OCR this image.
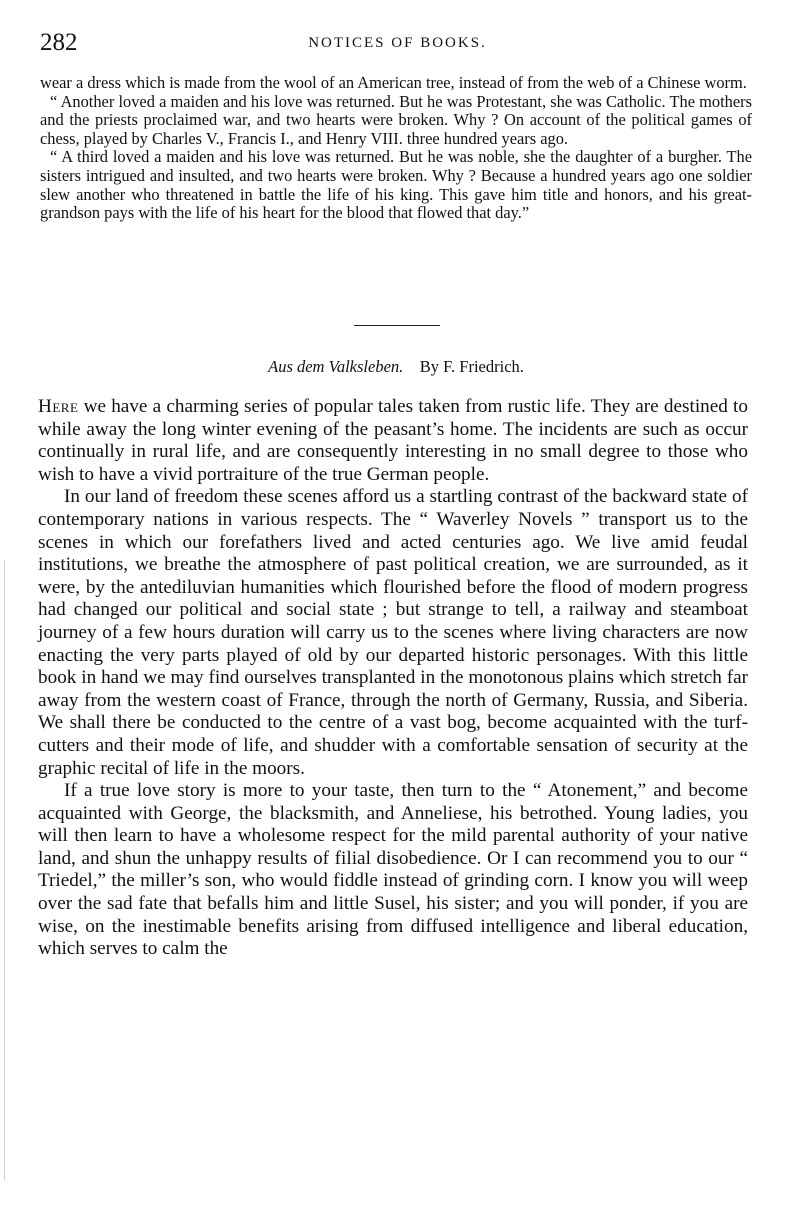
282	NOTICES OF BOOKS.

wear a dress which is made from the wool of an American tree, instead of from the web of a Chinese worm.

“ Another loved a maiden and his love was returned. But he was Protestant, she was Catholic. The mothers and the priests proclaimed war, and two hearts were broken. Why ? On account of the political games of chess, played by Charles V., Francis I., and Henry VIII. three hundred years ago.

“ A third loved a maiden and his love was returned. But he was noble, she the daughter of a burgher. The sisters intrigued and insulted, and two hearts were broken. Why ? Because a hundred years ago one soldier slew another who threatened in battle the life of his king. This gave him title and honors, and his great-grandson pays with the life of his heart for the blood that flowed that day.”

Aus dem Valksleben. By F. Friedrich.

Here we have a charming series of popular tales taken from rustic life. They are destined to while away the long winter evening of the peasant’s home. The incidents are such as occur continually in rural life, and are consequently interesting in no small degree to those who wish to have a vivid portraiture of the true German people.

In our land of freedom these scenes afford us a startling contrast of the backward state of contemporary nations in various respects. The “ Waverley Novels ” transport us to the scenes in which our forefathers lived and acted centuries ago. We live amid feudal institutions, we breathe the atmosphere of past political creation, we are surrounded, as it were, by the antediluvian humanities which flourished before the flood of modern progress had changed our political and social state ; but strange to tell, a railway and steamboat journey of a few hours duration will carry us to the scenes where living characters are now enacting the very parts played of old by our departed historic personages. With this little book in hand we may find ourselves transplanted in the monotonous plains which stretch far away from the western coast of France, through the north of Germany, Russia, and Siberia. We shall there be conducted to the centre of a vast bog, become acquainted with the turf-cutters and their mode of life, and shudder with a comfortable sensation of security at the graphic recital of life in the moors.

If a true love story is more to your taste, then turn to the “ Atonement,” and become acquainted with George, the blacksmith, and Anneliese, his betrothed. Young ladies, you will then learn to have a wholesome respect for the mild parental authority of your native land, and shun the unhappy results of filial disobedience. Or I can recommend you to our “ Triedel,” the miller’s son, who would fiddle instead of grinding corn. I know you will weep over the sad fate that befalls him and little Susel, his sister; and you will ponder, if you are wise, on the inestimable benefits arising from diffused intelligence and liberal education, which serves to calm the
